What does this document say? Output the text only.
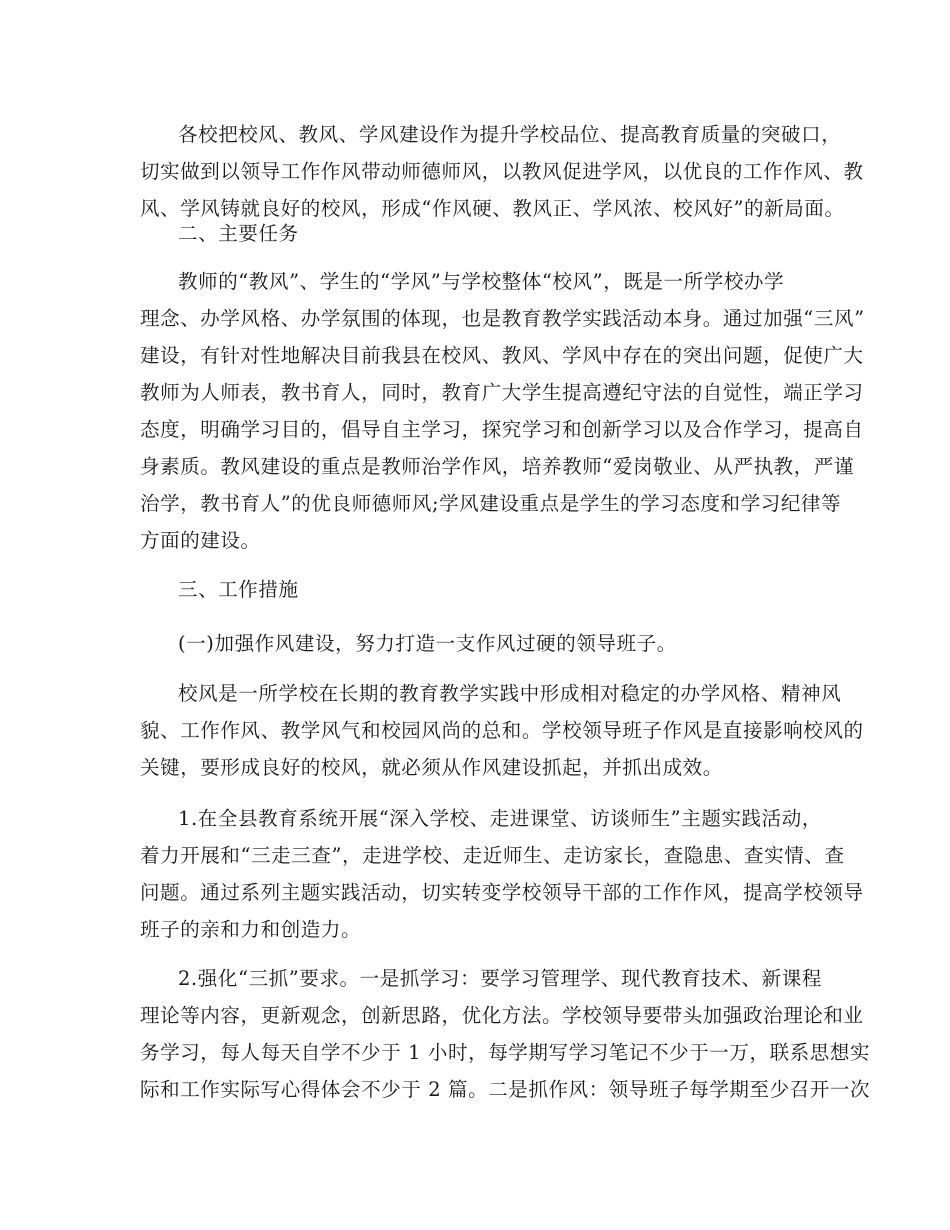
各校把校风、教风、学风建设作为提升学校品位、提高教育质量的突破口，
切实做到以领导工作作风带动师德师风，以教风促进学风，以优良的工作作风、教
风、学风铸就良好的校风，形成“作风硬、教风正、学风浓、校风好”的新局面。
二、主要任务
教师的“教风”、学生的“学风”与学校整体“校风”，既是一所学校办学
理念、办学风格、办学氛围的体现，也是教育教学实践活动本身。通过加强“三风”
建设，有针对性地解决目前我县在校风、教风、学风中存在的突出问题，促使广大
教师为人师表，教书育人，同时，教育广大学生提高遵纪守法的自觉性，端正学习
态度，明确学习目的，倡导自主学习，探究学习和创新学习以及合作学习，提高自
身素质。教风建设的重点是教师治学作风，培养教师“爱岗敬业、从严执教，严谨
治学，教书育人”的优良师德师风;学风建设重点是学生的学习态度和学习纪律等
方面的建设。
三、工作措施
(一)加强作风建设，努力打造一支作风过硬的领导班子。
校风是一所学校在长期的教育教学实践中形成相对稳定的办学风格、精神风
貌、工作作风、教学风气和校园风尚的总和。学校领导班子作风是直接影响校风的
关键，要形成良好的校风，就必须从作风建设抓起，并抓出成效。
1.在全县教育系统开展“深入学校、走进课堂、访谈师生”主题实践活动，
着力开展和“三走三查”，走进学校、走近师生、走访家长，查隐患、查实情、查
问题。通过系列主题实践活动，切实转变学校领导干部的工作作风，提高学校领导
班子的亲和力和创造力。
2.强化“三抓”要求。一是抓学习：要学习管理学、现代教育技术、新课程
理论等内容，更新观念，创新思路，优化方法。学校领导要带头加强政治理论和业
务学习，每人每天自学不少于 1 小时，每学期写学习笔记不少于一万，联系思想实
际和工作实际写心得体会不少于 2 篇。二是抓作风：领导班子每学期至少召开一次
